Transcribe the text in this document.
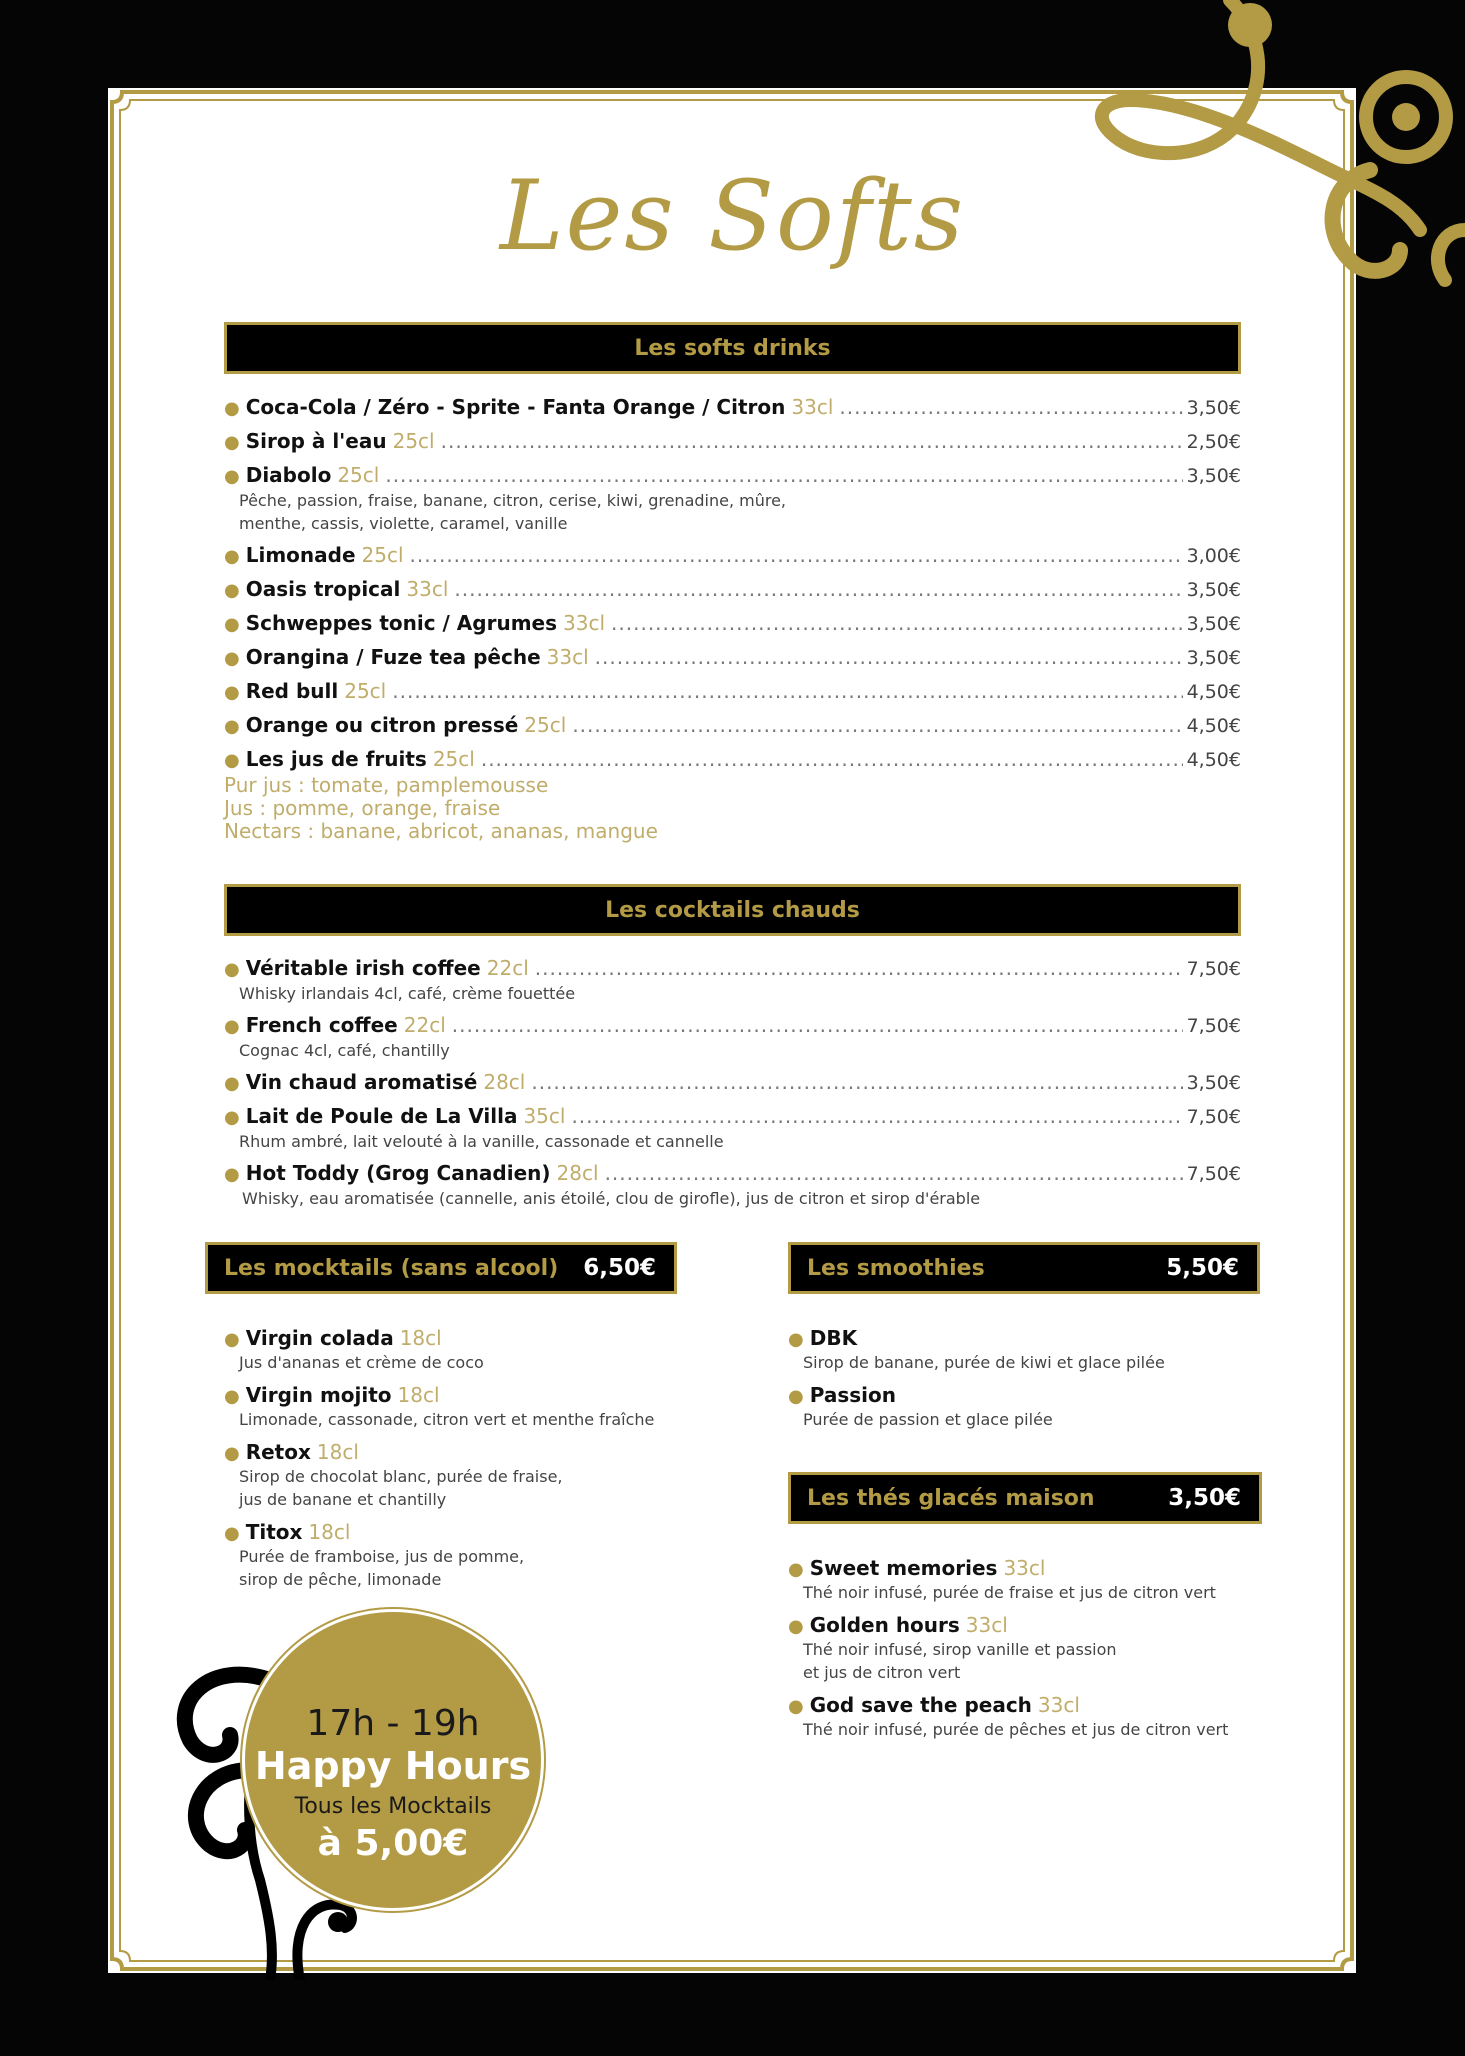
Les Softs
Les softs drinks
● Coca-Cola / Zéro - Sprite - Fanta Orange / Citron 33cl .....	3,50€
● Sirop à l'eau 25cl .....	2,50€
● Diabolo 25cl .....	3,50€
Pêche, passion, fraise, banane, citron, cerise, kiwi, grenadine, mûre,
menthe, cassis, violette, caramel, vanille
● Limonade 25cl .....	3,00€
● Oasis tropical 33cl .....	3,50€
● Schweppes tonic / Agrumes 33cl .....	3,50€
● Orangina / Fuze tea pêche 33cl .....	3,50€
● Red bull 25cl .....	4,50€
● Orange ou citron pressé 25cl .....	4,50€
● Les jus de fruits 25cl .....	4,50€
Pur jus : tomate, pamplemousse
Jus : pomme, orange, fraise
Nectars : banane, abricot, ananas, mangue
Les cocktails chauds
● Véritable irish coffee 22cl .....	7,50€
Whisky irlandais 4cl, café, crème fouettée
● French coffee 22cl .....	7,50€
Cognac 4cl, café, chantilly
● Vin chaud aromatisé 28cl .....	3,50€
● Lait de Poule de La Villa 35cl .....	7,50€
Rhum ambré, lait velouté à la vanille, cassonade et cannelle
● Hot Toddy (Grog Canadien) 28cl .....	7,50€
Whisky, eau aromatisée (cannelle, anis étoilé, clou de girofle), jus de citron et sirop d'érable
Les mocktails (sans alcool) 6,50€
● Virgin colada 18cl
Jus d'ananas et crème de coco
● Virgin mojito 18cl
Limonade, cassonade, citron vert et menthe fraîche
● Retox 18cl
Sirop de chocolat blanc, purée de fraise,
jus de banane et chantilly
● Titox 18cl
Purée de framboise, jus de pomme,
sirop de pêche, limonade
Les smoothies	5,50€
● DBK
Sirop de banane, purée de kiwi et glace pilée
● Passion
Purée de passion et glace pilée
Les thés glacés maison	3,50€
● Sweet memories 33cl
Thé noir infusé, purée de fraise et jus de citron vert
● Golden hours 33cl
Thé noir infusé, sirop vanille et passion
et jus de citron vert
● God save the peach 33cl
Thé noir infusé, purée de pêches et jus de citron vert
17h - 19h
Happy Hours
Tous les Mocktails
à 5,00€
